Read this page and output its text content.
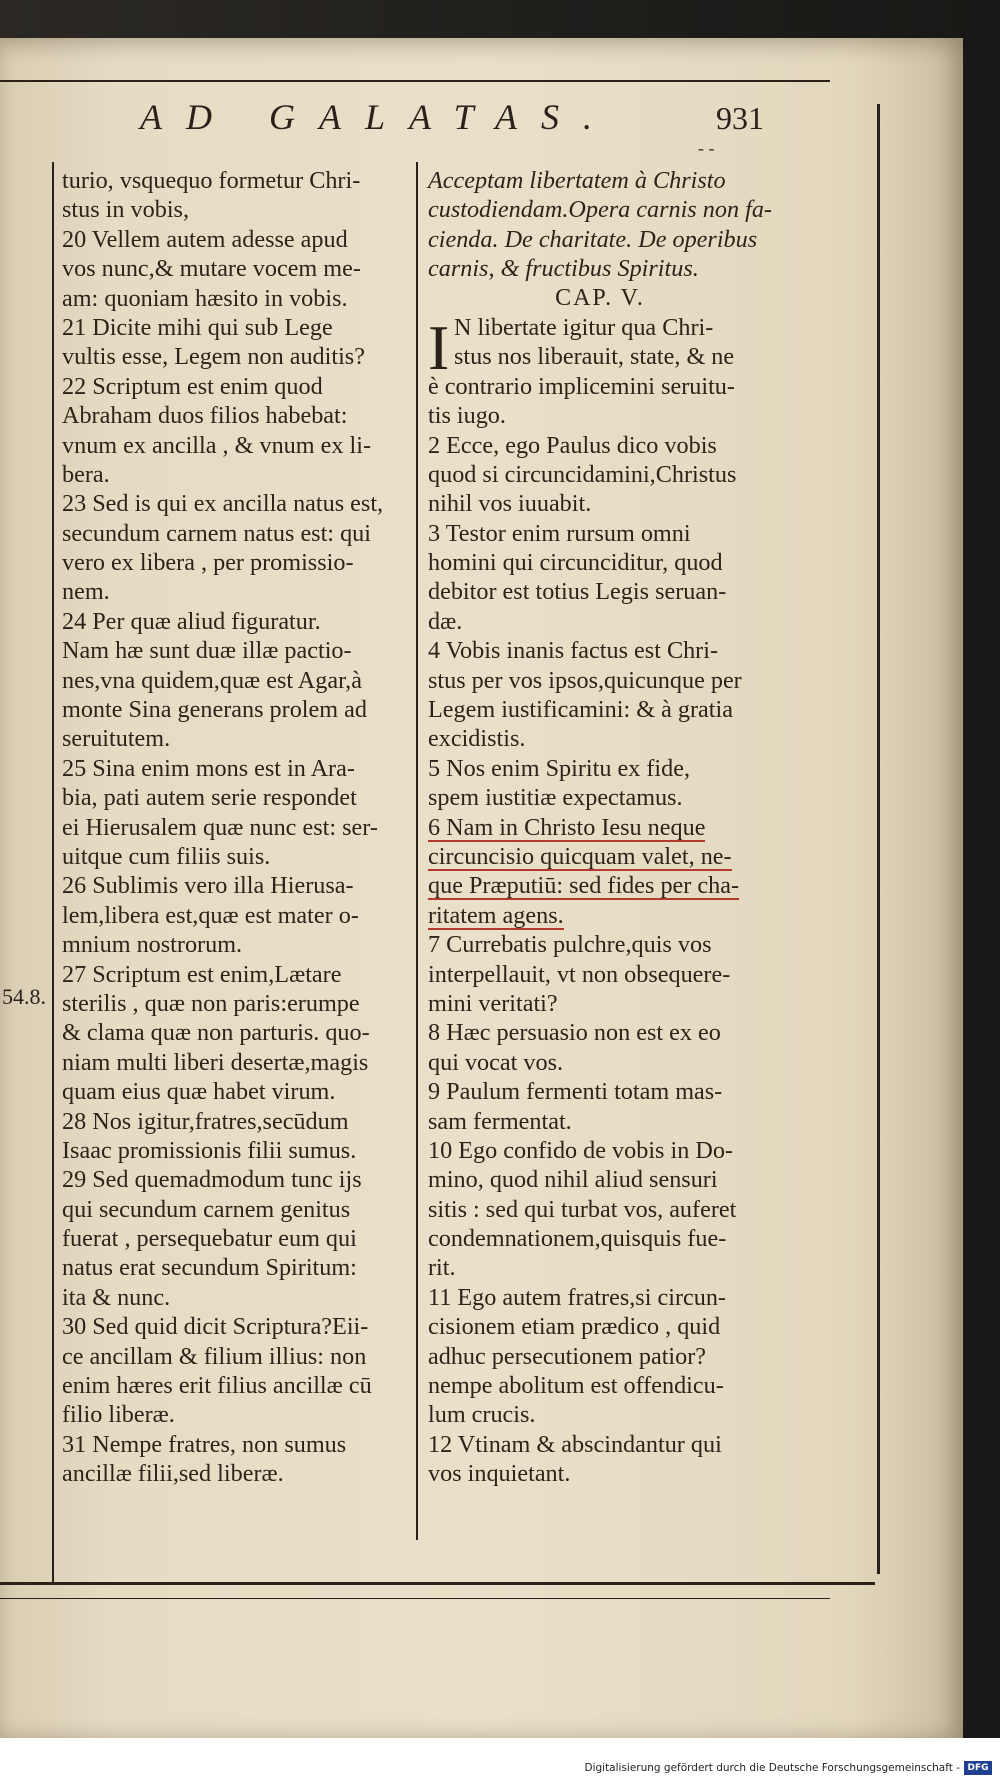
AD GALATAS.	931
- -
54.8.
turio, vsquequo formetur Chri-
stus in vobis,
20 Vellem autem adesse apud
vos nunc,& mutare vocem me-
am: quoniam hæsito in vobis.
21 Dicite mihi qui sub Lege
vultis esse, Legem non auditis?
22 Scriptum est enim quod
Abraham duos filios habebat:
vnum ex ancilla , & vnum ex li-
bera.
23 Sed is qui ex ancilla natus est,
secundum carnem natus est: qui
vero ex libera , per promissio-
nem.
24 Per quæ aliud figuratur.
Nam hæ sunt duæ illæ pactio-
nes,vna quidem,quæ est Agar,à
monte Sina generans prolem ad
seruitutem.
25 Sina enim mons est in Ara-
bia, pati autem serie respondet
ei Hierusalem quæ nunc est: ser-
uitque cum filiis suis.
26 Sublimis vero illa Hierusa-
lem,libera est,quæ est mater o-
mnium nostrorum.
27 Scriptum est enim,Lætare
sterilis , quæ non paris:erumpe
& clama quæ non parturis. quo-
niam multi liberi desertæ,magis
quam eius quæ habet virum.
28 Nos igitur,fratres,secūdum
Isaac promissionis filii sumus.
29 Sed quemadmodum tunc ijs
qui secundum carnem genitus
fuerat , persequebatur eum qui
natus erat secundum Spiritum:
ita & nunc.
30 Sed quid dicit Scriptura?Eii-
ce ancillam & filium illius: non
enim hæres erit filius ancillæ cū
filio liberæ.
31 Nempe fratres, non sumus
ancillæ filii,sed liberæ.
I
Acceptam libertatem à Christo
custodiendam.Opera carnis non fa-
cienda. De charitate. De operibus
carnis, & fructibus Spiritus.
CAP. V.
N libertate igitur qua Chri-
stus nos liberauit, state, & ne
è contrario implicemini seruitu-
tis iugo.
2 Ecce, ego Paulus dico vobis
quod si circuncidamini,Christus
nihil vos iuuabit.
3 Testor enim rursum omni
homini qui circunciditur, quod
debitor est totius Legis seruan-
dæ.
4 Vobis inanis factus est Chri-
stus per vos ipsos,quicunque per
Legem iustificamini: & à gratia
excidistis.
5 Nos enim Spiritu ex fide,
spem iustitiæ expectamus.
6 Nam in Christo Iesu neque
circuncisio quicquam valet, ne-
que Præputiū: sed fides per cha-
ritatem agens.
7 Currebatis pulchre,quis vos
interpellauit, vt non obsequere-
mini veritati?
8 Hæc persuasio non est ex eo
qui vocat vos.
9 Paulum fermenti totam mas-
sam fermentat.
10 Ego confido de vobis in Do-
mino, quod nihil aliud sensuri
sitis : sed qui turbat vos, auferet
condemnationem,quisquis fue-
rit.
11 Ego autem fratres,si circun-
cisionem etiam prædico , quid
adhuc persecutionem patior?
nempe abolitum est offendicu-
lum crucis.
12 Vtinam & abscindantur qui
vos inquietant.
Digitalisierung gefördert durch die Deutsche Forschungsgemeinschaft - DFG
